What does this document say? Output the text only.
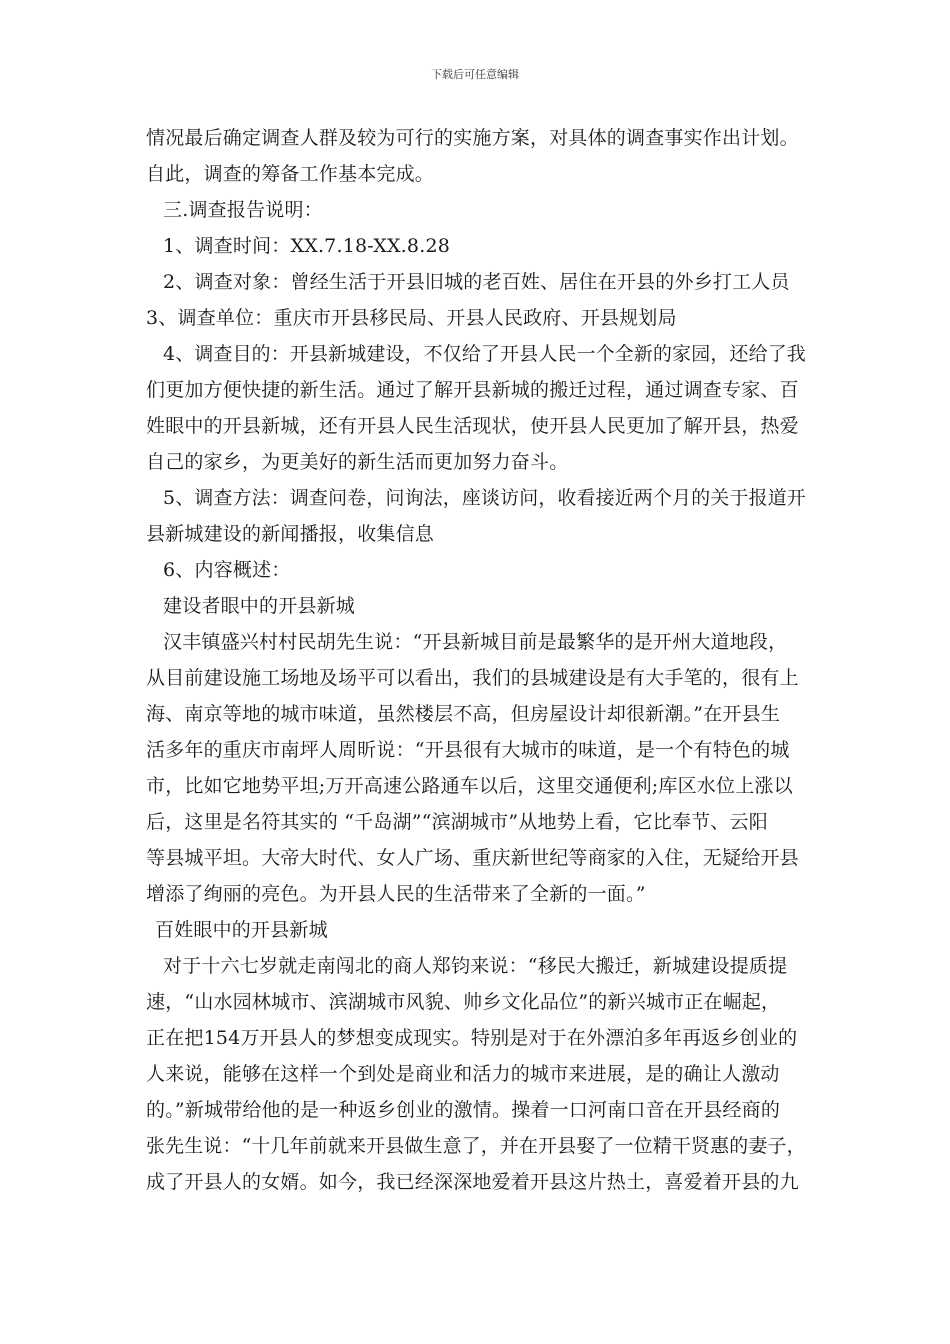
下载后可任意编辑
情况最后确定调查人群及较为可行的实施方案，对具体的调查事实作出计划。
自此，调查的筹备工作基本完成。
三.调查报告说明：
1、调查时间：XX.7.18-XX.8.28
2、调查对象：曾经生活于开县旧城的老百姓、居住在开县的外乡打工人员
3、调查单位：重庆市开县移民局、开县人民政府、开县规划局
4、调查目的：开县新城建设，不仅给了开县人民一个全新的家园，还给了我
们更加方便快捷的新生活。通过了解开县新城的搬迁过程，通过调查专家、百
姓眼中的开县新城，还有开县人民生活现状，使开县人民更加了解开县，热爱
自己的家乡，为更美好的新生活而更加努力奋斗。
5、调查方法：调查问卷，问询法，座谈访问，收看接近两个月的关于报道开
县新城建设的新闻播报，收集信息
6、内容概述：
建设者眼中的开县新城
汉丰镇盛兴村村民胡先生说：“开县新城目前是最繁华的是开州大道地段，
从目前建设施工场地及场平可以看出，我们的县城建设是有大手笔的，很有上
海、南京等地的城市味道，虽然楼层不高，但房屋设计却很新潮。”在开县生
活多年的重庆市南坪人周昕说：“开县很有大城市的味道，是一个有特色的城
市，比如它地势平坦;万开高速公路通车以后，这里交通便利;库区水位上涨以
后，这里是名符其实的 “千岛湖”“滨湖城市”从地势上看，它比奉节、云阳
等县城平坦。大帝大时代、女人广场、重庆新世纪等商家的入住，无疑给开县
增添了绚丽的亮色。为开县人民的生活带来了全新的一面。”
百姓眼中的开县新城
对于十六七岁就走南闯北的商人郑钧来说：“移民大搬迁，新城建设提质提
速，“山水园林城市、滨湖城市风貌、帅乡文化品位”的新兴城市正在崛起，
正在把154万开县人的梦想变成现实。特别是对于在外漂泊多年再返乡创业的
人来说，能够在这样一个到处是商业和活力的城市来进展，是的确让人激动
的。”新城带给他的是一种返乡创业的激情。操着一口河南口音在开县经商的
张先生说：“十几年前就来开县做生意了，并在开县娶了一位精干贤惠的妻子，
成了开县人的女婿。如今，我已经深深地爱着开县这片热土，喜爱着开县的九
